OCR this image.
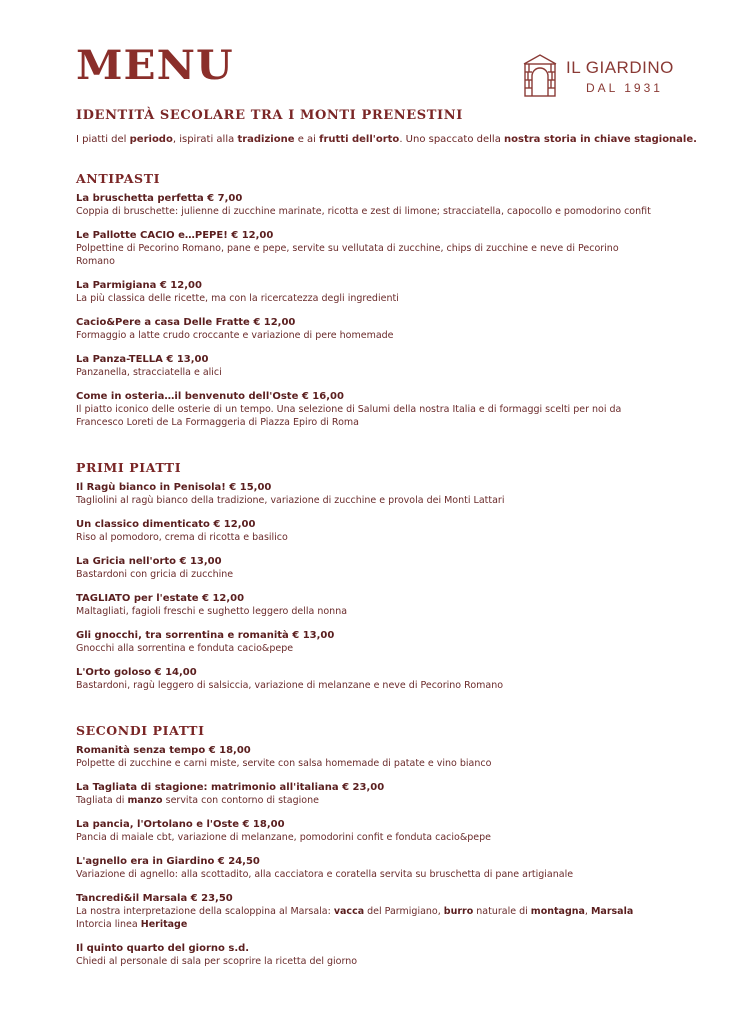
MENU	IL GIARDINO
DAL 1931
IDENTITÀ SECOLARE TRA I MONTI PRENESTINI
I piatti del periodo, ispirati alla tradizione e ai frutti dell'orto. Uno spaccato della nostra storia in chiave stagionale.
ANTIPASTI
La bruschetta perfetta € 7,00
Coppia di bruschette: julienne di zucchine marinate, ricotta e zest di limone; stracciatella, capocollo e pomodorino confit
Le Pallotte CACIO e…PEPE! € 12,00
Polpettine di Pecorino Romano, pane e pepe, servite su vellutata di zucchine, chips di zucchine e neve di Pecorino Romano
La Parmigiana € 12,00
La più classica delle ricette, ma con la ricercatezza degli ingredienti
Cacio&Pere a casa Delle Fratte € 12,00
Formaggio a latte crudo croccante e variazione di pere homemade
La Panza-TELLA € 13,00
Panzanella, stracciatella e alici
Come in osteria…il benvenuto dell'Oste € 16,00
Il piatto iconico delle osterie di un tempo. Una selezione di Salumi della nostra Italia e di formaggi scelti per noi da Francesco Loreti de La Formaggeria di Piazza Epiro di Roma
PRIMI PIATTI
Il Ragù bianco in Penisola! € 15,00
Tagliolini al ragù bianco della tradizione, variazione di zucchine e provola dei Monti Lattari
Un classico dimenticato € 12,00
Riso al pomodoro, crema di ricotta e basilico
La Gricia nell'orto € 13,00
Bastardoni con gricia di zucchine
TAGLIATO per l'estate € 12,00
Maltagliati, fagioli freschi e sughetto leggero della nonna
Gli gnocchi, tra sorrentina e romanità € 13,00
Gnocchi alla sorrentina e fonduta cacio&pepe
L'Orto goloso € 14,00
Bastardoni, ragù leggero di salsiccia, variazione di melanzane e neve di Pecorino Romano
SECONDI PIATTI
Romanità senza tempo € 18,00
Polpette di zucchine e carni miste, servite con salsa homemade di patate e vino bianco
La Tagliata di stagione: matrimonio all'italiana € 23,00
Tagliata di manzo servita con contorno di stagione
La pancia, l'Ortolano e l'Oste € 18,00
Pancia di maiale cbt, variazione di melanzane, pomodorini confit e fonduta cacio&pepe
L'agnello era in Giardino € 24,50
Variazione di agnello: alla scottadito, alla cacciatora e coratella servita su bruschetta di pane artigianale
Tancredi&il Marsala € 23,50
La nostra interpretazione della scaloppina al Marsala: vacca del Parmigiano, burro naturale di montagna, Marsala Intorcia linea Heritage
Il quinto quarto del giorno s.d.
Chiedi al personale di sala per scoprire la ricetta del giorno
